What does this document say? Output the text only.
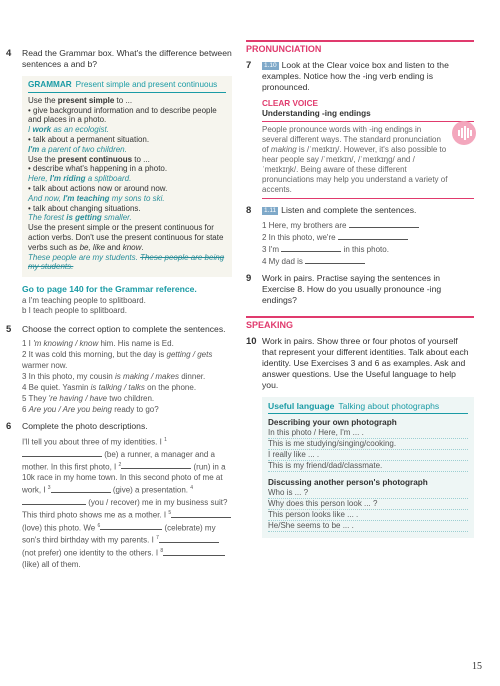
4 Read the Grammar box. What's the difference between sentences a and b?
GRAMMAR Present simple and present continuous
Use the present simple to ...
• give background information and to describe people and places in a photo.
I work as an ecologist.
• talk about a permanent situation.
I'm a parent of two children.
Use the present continuous to ...
• describe what's happening in a photo.
Here, I'm riding a splitboard.
• talk about actions now or around now.
And now, I'm teaching my sons to ski.
• talk about changing situations.
The forest is getting smaller.
Use the present simple or the present continuous for action verbs. Don't use the present continuous for state verbs such as be, like and know.
These people are my students. These people are being my students.
Go to page 140 for the Grammar reference.
a I'm teaching people to splitboard.
b I teach people to splitboard.
5 Choose the correct option to complete the sentences.
1 I 'm knowing / know him. His name is Ed.
2 It was cold this morning, but the day is getting / gets warmer now.
3 In this photo, my cousin is making / makes dinner.
4 Be quiet. Yasmin is talking / talks on the phone.
5 They 're having / have two children.
6 Are you / Are you being ready to go?
6 Complete the photo descriptions.
I'll tell you about three of my identities. I $^1$ (be) a runner, a manager and a mother. In this first photo, I $^2$	(run) in a 10k race in my home town. In this second photo of me at work, I $^3$	(give) a presentation. $^4$ (you / recover) me in my business suit? This third photo shows me as a mother. I $^5$ (love) this photo. We $^6$	(celebrate) my son's third birthday with my parents. I $^7$ (not prefer) one identity to the others. I $^8$ (like) all of them.
PRONUNCIATION
7 1.10 Look at the Clear voice box and listen to the examples. Notice how the -ing verb ending is pronounced.
CLEAR VOICE
Understanding -ing endings
People pronounce words with -ing endings in several different ways. The standard pronunciation of making is /ˈmeɪkɪŋ/. However, it's also possible to hear people say /ˈmeɪkɪn/, /ˈmeɪkɪŋɡ/ and /ˈmeɪkɪŋk/. Being aware of these different pronunciations may help you understand a variety of accents.
8 1.11 Listen and complete the sentences.
1 Here, my brothers are
2 In this photo, we're
3 I'm	in this photo.
4 My dad is
9 Work in pairs. Practise saying the sentences in Exercise 8. How do you usually pronounce -ing endings?
SPEAKING
10 Work in pairs. Show three or four photos of yourself that represent your different identities. Talk about each identity. Use Exercises 3 and 6 as examples. Ask and answer questions. Use the Useful language to help you.
Useful language Talking about photographs
Describing your own photograph
In this photo / Here, I'm ... .
This is me studying/singing/cooking.
I really like ... .
This is my friend/dad/classmate.
Discussing another person's photograph
Who is ... ?
Why does this person look ... ?
This person looks like ... .
He/She seems to be ... .
15
